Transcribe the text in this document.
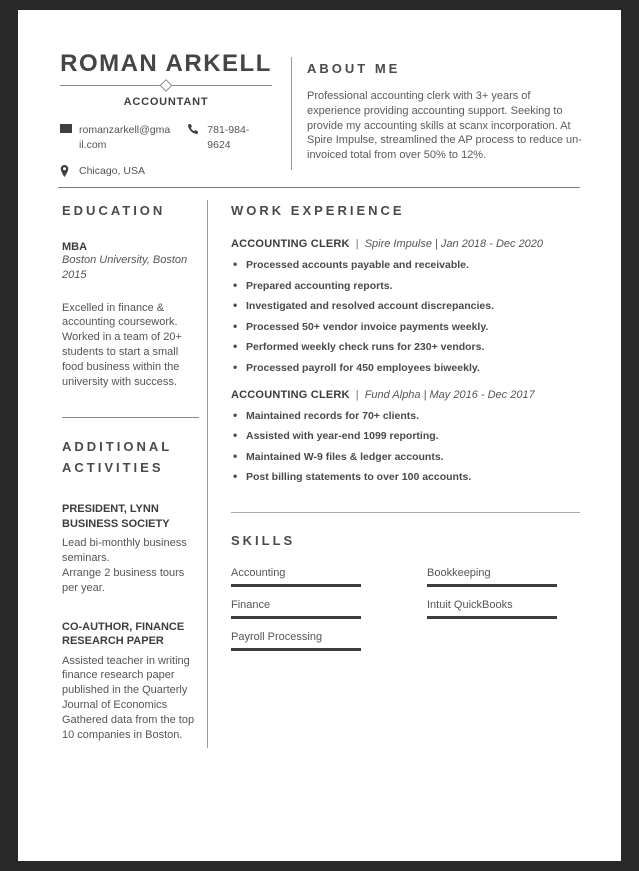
ROMAN ARKELL
ACCOUNTANT
romanzarkell@gmail.com
781-984-9624
Chicago, USA
ABOUT ME
Professional accounting clerk with 3+ years of experience providing accounting support. Seeking to provide my accounting skills at scanx incorporation. At Spire Impulse, streamlined the AP process to reduce un-invoiced total from over 50% to 12%.
EDUCATION
MBA
Boston University, Boston
2015
Excelled in finance & accounting coursework.
Worked in a team of 20+ students to start a small food business within the university with success.
ADDITIONAL ACTIVITIES
PRESIDENT, LYNN BUSINESS SOCIETY
Lead bi-monthly business seminars.
Arrange 2 business tours per year.
CO-AUTHOR, FINANCE RESEARCH PAPER
Assisted teacher in writing finance research paper published in the Quarterly Journal of Economics
Gathered data from the top 10 companies in Boston.
WORK EXPERIENCE
ACCOUNTING CLERK | Spire Impulse | Jan 2018 - Dec 2020
• Processed accounts payable and receivable.
• Prepared accounting reports.
• Investigated and resolved account discrepancies.
• Processed 50+ vendor invoice payments weekly.
• Performed weekly check runs for 230+ vendors.
• Processed payroll for 450 employees biweekly.
ACCOUNTING CLERK | Fund Alpha | May 2016 - Dec 2017
• Maintained records for 70+ clients.
• Assisted with year-end 1099 reporting.
• Maintained W-9 files & ledger accounts.
• Post billing statements to over 100 accounts.
SKILLS
Accounting	Bookkeeping
Finance	Intuit QuickBooks
Payroll Processing
